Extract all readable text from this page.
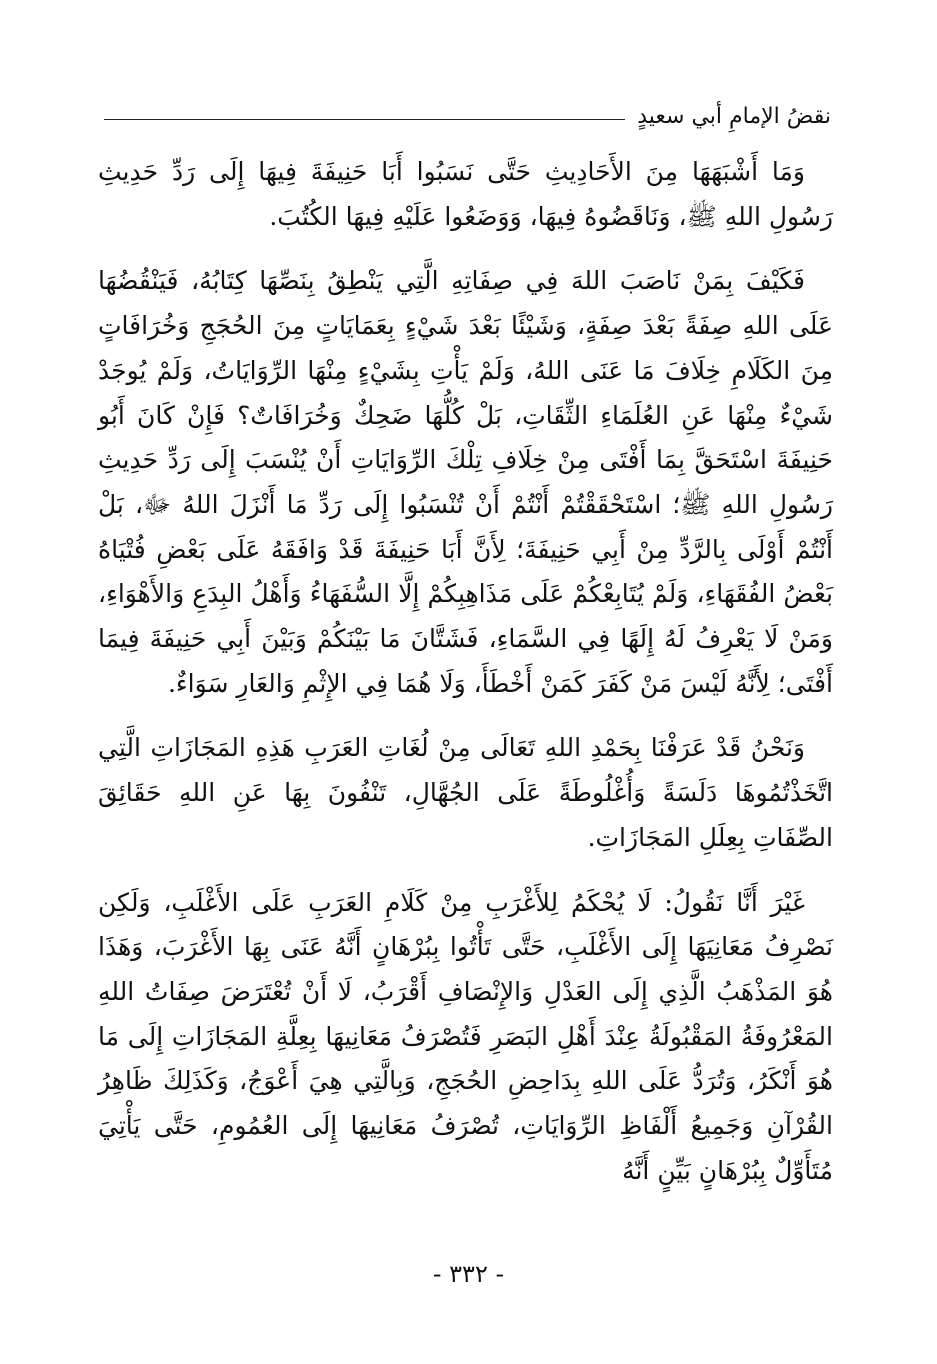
نقضُ الإمامِ أبي سعيدٍ

وَمَا أَشْبَهَهَا مِنَ الأَحَادِيثِ حَتَّى نَسَبُوا أَبَا حَنِيفَةَ فِيهَا إِلَى رَدِّ حَدِيثِ رَسُولِ اللهِ ﷺ، وَنَاقَضُوهُ فِيهَا، وَوَضَعُوا عَلَيْهِ فِيهَا الكُتُبَ.

فَكَيْفَ بِمَنْ نَاصَبَ اللهَ فِي صِفَاتِهِ الَّتِي يَنْطِقُ بِنَصِّهَا كِتَابُهُ، فَيَنْقُضُهَا عَلَى اللهِ صِفَةً بَعْدَ صِفَةٍ، وَشَيْئًا بَعْدَ شَيْءٍ بِعَمَايَاتٍ مِنَ الحُجَجِ وَخُرَافَاتٍ مِنَ الكَلَامِ خِلَافَ مَا عَنَى اللهُ، وَلَمْ يَأْتِ بِشَيْءٍ مِنْهَا الرِّوَايَاتُ، وَلَمْ يُوجَدْ شَيْءٌ مِنْهَا عَنِ العُلَمَاءِ الثِّقَاتِ، بَلْ كُلُّهَا ضَحِكٌ وَخُرَافَاتٌ؟ فَإِنْ كَانَ أَبُو حَنِيفَةَ اسْتَحَقَّ بِمَا أَفْتَى مِنْ خِلَافِ تِلْكَ الرِّوَايَاتِ أَنْ يُنْسَبَ إِلَى رَدِّ حَدِيثِ رَسُولِ اللهِ ﷺ؛ اسْتَحْقَقْتُمْ أَنْتُمْ أَنْ تُنْسَبُوا إِلَى رَدِّ مَا أَنْزَلَ اللهُ ﷻ، بَلْ أَنْتُمْ أَوْلَى بِالرَّدِّ مِنْ أَبِي حَنِيفَةَ؛ لِأَنَّ أَبَا حَنِيفَةَ قَدْ وَافَقَهُ عَلَى بَعْضِ فُتْيَاهُ بَعْضُ الفُقَهَاءِ، وَلَمْ يُتَابِعْكُمْ عَلَى مَذَاهِبِكُمْ إِلَّا السُّفَهَاءُ وَأَهْلُ البِدَعِ وَالأَهْوَاءِ، وَمَنْ لَا يَعْرِفُ لَهُ إِلَهًا فِي السَّمَاءِ، فَشَتَّانَ مَا بَيْنَكُمْ وَبَيْنَ أَبِي حَنِيفَةَ فِيمَا أَفْتَى؛ لِأَنَّهُ لَيْسَ مَنْ كَفَرَ كَمَنْ أَخْطَأَ، وَلَا هُمَا فِي الإِثْمِ وَالعَارِ سَوَاءٌ.

وَنَحْنُ قَدْ عَرَفْنَا بِحَمْدِ اللهِ تَعَالَى مِنْ لُغَاتِ العَرَبِ هَذِهِ المَجَازَاتِ الَّتِي اتَّخَذْتُمُوهَا دَلَسَةً وَأُغْلُوطَةً عَلَى الجُهَّالِ، تَنْفُونَ بِهَا عَنِ اللهِ حَقَائِقَ الصِّفَاتِ بِعِلَلِ المَجَازَاتِ.

غَيْرَ أَنَّا نَقُولُ: لَا يُحْكَمُ لِلأَغْرَبِ مِنْ كَلَامِ العَرَبِ عَلَى الأَغْلَبِ، وَلَكِن نَصْرِفُ مَعَانِيَهَا إِلَى الأَغْلَبِ، حَتَّى تَأْتُوا بِبُرْهَانٍ أَنَّهُ عَنَى بِهَا الأَغْرَبَ، وَهَذَا هُوَ المَذْهَبُ الَّذِي إِلَى العَدْلِ وَالإِنْصَافِ أَقْرَبُ، لَا أَنْ تُعْتَرَضَ صِفَاتُ اللهِ المَعْرُوفَةُ المَقْبُولَةُ عِنْدَ أَهْلِ البَصَرِ فَتُصْرَفُ مَعَانِيهَا بِعِلَّةِ المَجَازَاتِ إِلَى مَا هُوَ أَنْكَرُ، وَتُرَدُّ عَلَى اللهِ بِدَاحِضِ الحُجَجِ، وَبِالَّتِي هِيَ أَعْوَجُ، وَكَذَلِكَ ظَاهِرُ القُرْآنِ وَجَمِيعُ أَلْفَاظِ الرِّوَايَاتِ، تُصْرَفُ مَعَانِيهَا إِلَى العُمُومِ، حَتَّى يَأْتِيَ مُتَأَوِّلٌ بِبُرْهَانٍ بَيِّنٍ أَنَّهُ

- ٣٣٢ -
